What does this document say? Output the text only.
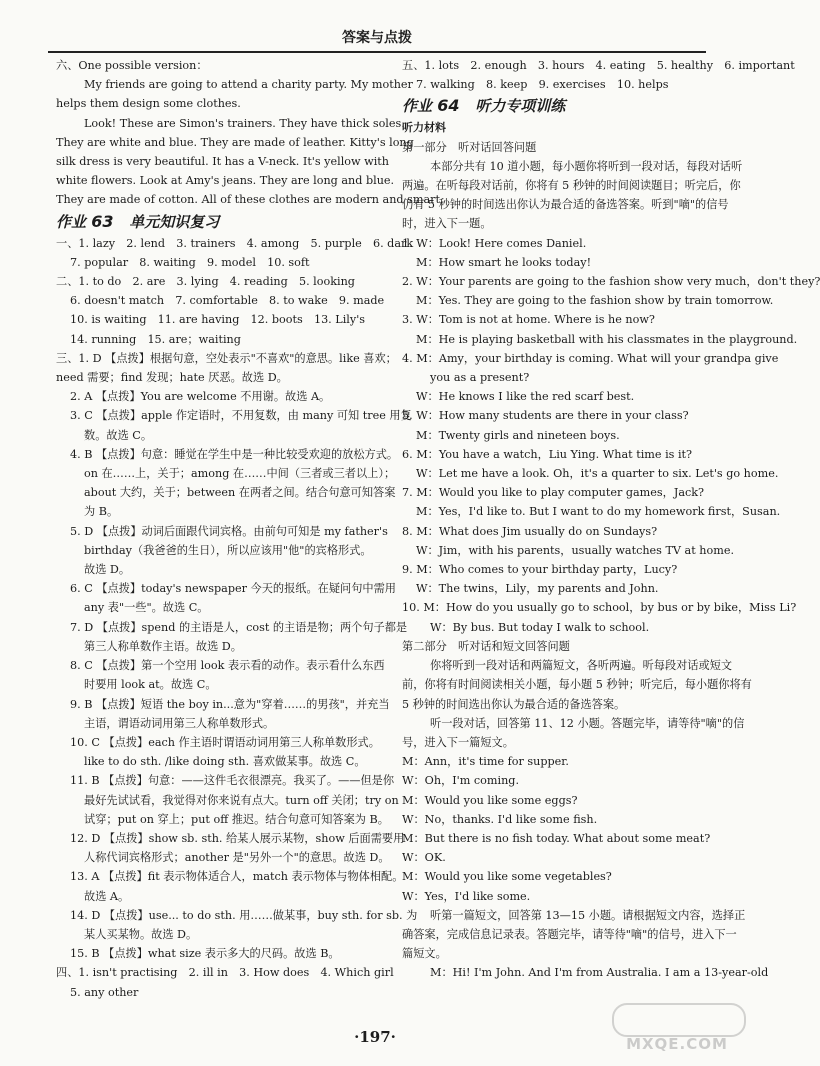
答案与点拨
六、One possible version：
My friends are going to attend a charity party. My mother
helps them design some clothes.
Look! These are Simon's trainers. They have thick soles.
They are white and blue. They are made of leather. Kitty's long
silk dress is very beautiful. It has a V-neck. It's yellow with
white flowers. Look at Amy's jeans. They are long and blue.
They are made of cotton. All of these clothes are modern and smart.
作业 63 单元知识复习
一、1. lazy　2. lend　3. trainers　4. among　5. purple　6. dark
7. popular　8. waiting　9. model　10. soft
二、1. to do　2. are　3. lying　4. reading　5. looking
6. doesn't match　7. comfortable　8. to wake　9. made
10. is waiting　11. are having　12. boots　13. Lily's
14. running　15. are；waiting
三、1. D 【点拨】根据句意，空处表示"不喜欢"的意思。like 喜欢；
need 需要；find 发现；hate 厌恶。故选 D。
2. A 【点拨】You are welcome 不用谢。故选 A。
3. C 【点拨】apple 作定语时，不用复数，由 many 可知 tree 用复
数。故选 C。
4. B 【点拨】句意：睡觉在学生中是一种比较受欢迎的放松方式。
on 在……上，关于；among 在……中间（三者或三者以上）；
about 大约，关于；between 在两者之间。结合句意可知答案
为 B。
5. D 【点拨】动词后面跟代词宾格。由前句可知是 my father's
birthday（我爸爸的生日），所以应该用"他"的宾格形式。
故选 D。
6. C 【点拨】today's newspaper 今天的报纸。在疑问句中需用
any 表"一些"。故选 C。
7. D 【点拨】spend 的主语是人，cost 的主语是物；两个句子都是
第三人称单数作主语。故选 D。
8. C 【点拨】第一个空用 look 表示看的动作。表示看什么东西
时要用 look at。故选 C。
9. B 【点拨】短语 the boy in...意为"穿着……的男孩"，并充当
主语，谓语动词用第三人称单数形式。
10. C 【点拨】each 作主语时谓语动词用第三人称单数形式。
like to do sth. /like doing sth. 喜欢做某事。故选 C。
11. B 【点拨】句意：——这件毛衣很漂亮。我买了。——但是你
最好先试试看，我觉得对你来说有点大。turn off 关闭；try on
试穿；put on 穿上；put off 推迟。结合句意可知答案为 B。
12. D 【点拨】show sb. sth. 给某人展示某物，show 后面需要用
人称代词宾格形式；another 是"另外一个"的意思。故选 D。
13. A 【点拨】fit 表示物体适合人，match 表示物体与物体相配。
故选 A。
14. D 【点拨】use... to do sth. 用……做某事，buy sth. for sb. 为
某人买某物。故选 D。
15. B 【点拨】what size 表示多大的尺码。故选 B。
四、1. isn't practising　2. ill in　3. How does　4. Which girl
5. any other
五、1. lots　2. enough　3. hours　4. eating　5. healthy　6. important
7. walking　8. keep　9. exercises　10. helps
作业 64 听力专项训练
听力材料
第一部分　听对话回答问题
本部分共有 10 道小题，每小题你将听到一段对话，每段对话听
两遍。在听每段对话前，你将有 5 秒钟的时间阅读题目；听完后，你
仍有 5 秒钟的时间选出你认为最合适的备选答案。听到"嘀"的信号
时，进入下一题。
1. W：Look! Here comes Daniel.
M：How smart he looks today!
2. W：Your parents are going to the fashion show very much，don't they?
M：Yes. They are going to the fashion show by train tomorrow.
3. W：Tom is not at home. Where is he now?
M：He is playing basketball with his classmates in the playground.
4. M：Amy，your birthday is coming. What will your grandpa give
you as a present?
W：He knows I like the red scarf best.
5. W：How many students are there in your class?
M：Twenty girls and nineteen boys.
6. M：You have a watch，Liu Ying. What time is it?
W：Let me have a look. Oh，it's a quarter to six. Let's go home.
7. M：Would you like to play computer games，Jack?
M：Yes，I'd like to. But I want to do my homework first，Susan.
8. M：What does Jim usually do on Sundays?
W：Jim，with his parents，usually watches TV at home.
9. M：Who comes to your birthday party，Lucy?
W：The twins，Lily，my parents and John.
10. M：How do you usually go to school，by bus or by bike，Miss Li?
W：By bus. But today I walk to school.
第二部分　听对话和短文回答问题
你将听到一段对话和两篇短文，各听两遍。听每段对话或短文
前，你将有时间阅读相关小题，每小题 5 秒钟；听完后，每小题你将有
5 秒钟的时间选出你认为最合适的备选答案。
听一段对话，回答第 11、12 小题。答题完毕，请等待"嘀"的信
号，进入下一篇短文。
M：Ann，it's time for supper.
W：Oh，I'm coming.
M：Would you like some eggs?
W：No，thanks. I'd like some fish.
M：But there is no fish today. What about some meat?
W：OK.
M：Would you like some vegetables?
W：Yes，I'd like some.
听第一篇短文，回答第 13—15 小题。请根据短文内容，选择正
确答案，完成信息记录表。答题完毕，请等待"嘀"的信号，进入下一
篇短文。
M：Hi! I'm John. And I'm from Australia. I am a 13-year-old
·197·	MXQE.COM
